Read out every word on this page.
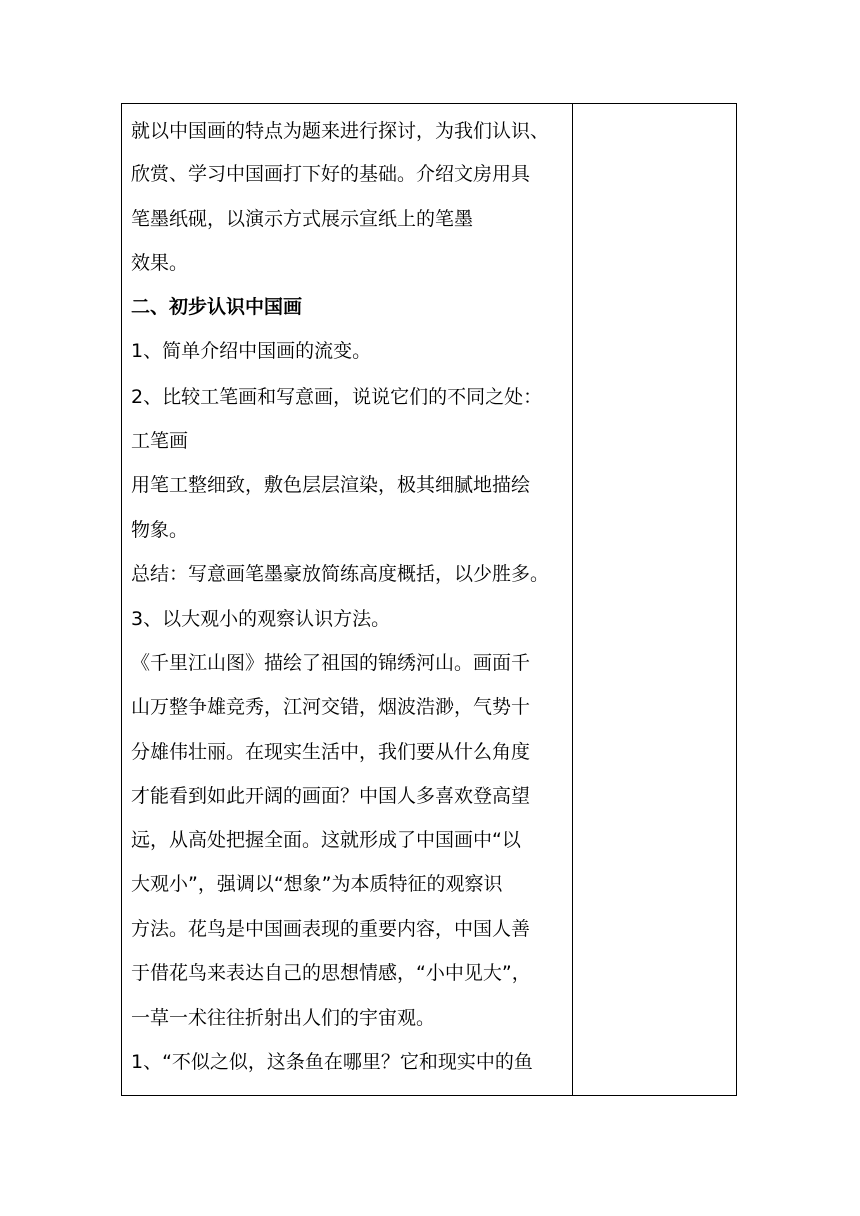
就以中国画的特点为题来进行探讨，为我们认识、
欣赏、学习中国画打下好的基础。介绍文房用具
笔墨纸砚，以演示方式展示宣纸上的笔墨
效果。
二、初步认识中国画
1、简单介绍中国画的流变。
2、比较工笔画和写意画，说说它们的不同之处：
工笔画
用笔工整细致，敷色层层渲染，极其细腻地描绘
物象。
总结：写意画笔墨豪放简练高度概括，以少胜多。
3、以大观小的观察认识方法。
《千里江山图》描绘了祖国的锦绣河山。画面千
山万整争雄竞秀，江河交错，烟波浩渺，气势十
分雄伟壮丽。在现实生活中，我们要从什么角度
才能看到如此开阔的画面？中国人多喜欢登高望
远，从高处把握全面。这就形成了中国画中“以
大观小”，强调以“想象”为本质特征的观察识
方法。花鸟是中国画表现的重要内容，中国人善
于借花鸟来表达自己的思想情感，“小中见大”，
一草一术往往折射出人们的宇宙观。
1、“不似之似，这条鱼在哪里？它和现实中的鱼
